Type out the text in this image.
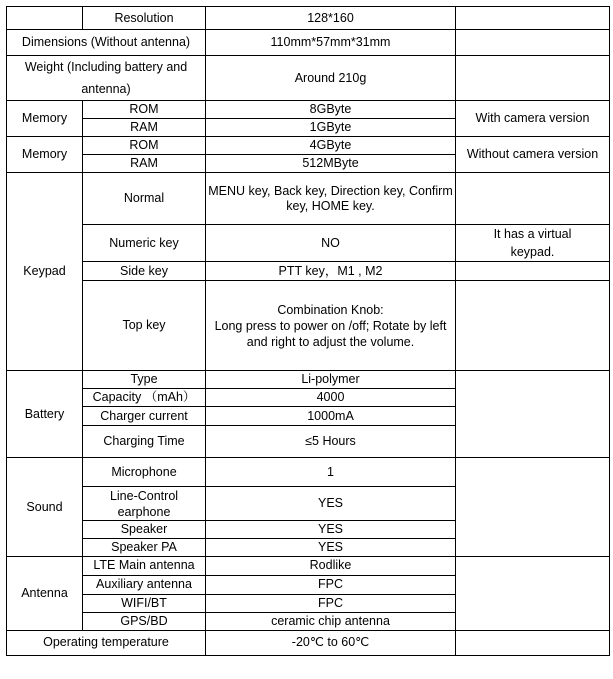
	Resolution	128*160	
Dimensions (Without antenna)		110mm*57mm*31mm	
Weight (Including battery and antenna)		Around 210g	
Memory	ROM	8GByte	With camera version
	RAM	1GByte	
Memory	ROM	4GByte	Without camera version
	RAM	512MByte	
Keypad	Normal	MENU key, Back key, Direction key, Confirm key, HOME key.	
	Numeric key	NO	It has a virtual keypad.
	Side key	PTT key，M1 , M2	
	Top key	Combination Knob:
Long press to power on /off; Rotate by left and right to adjust the volume.	

Battery	Type	Li-polymer	
	Capacity （mAh）	4000	
	Charger current	1000mA	
	Charging Time	≤5 Hours	
Sound	Microphone	1	
	Line-Control earphone	YES	
	Speaker	YES	
	Speaker PA	YES	
Antenna	LTE Main antenna	Rodlike	
	Auxiliary antenna	FPC	
	WIFI/BT	FPC	
	GPS/BD	ceramic chip antenna	
Operating temperature		-20℃ to 60℃	
